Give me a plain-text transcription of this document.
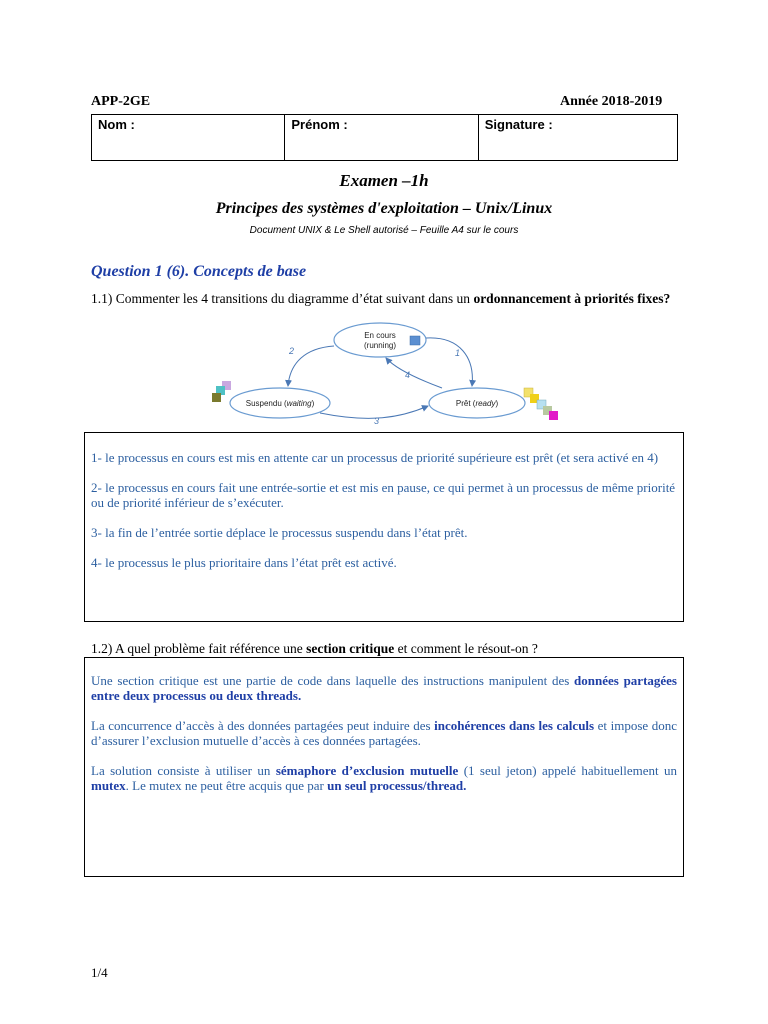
APP-2GE	Année 2018-2019
Nom :	Prénom :	Signature :
Examen –1h
Principes des systèmes d'exploitation – Unix/Linux
Document UNIX & Le Shell autorisé – Feuille A4 sur le cours
Question 1 (6). Concepts de base
1.1) Commenter les 4 transitions du diagramme d’état suivant dans un ordonnancement à priorités fixes?
En cours
(running)
Suspendu (waiting)	Prêt (ready)
1
2
3
4

1- le processus en cours est mis en attente car un processus de priorité supérieure est prêt (et sera activé en 4)

2- le processus en cours fait une entrée-sortie et est mis en pause, ce qui permet à un processus de même priorité ou de priorité inférieur de s’exécuter.

3- la fin de l’entrée sortie déplace le processus suspendu dans l’état prêt.

4- le processus le plus prioritaire dans l’état prêt est activé.

1.2) A quel problème fait référence une section critique et comment le résout-on ?

Une section critique est une partie de code dans laquelle des instructions manipulent des données partagées entre deux processus ou deux threads.

La concurrence d’accès à des données partagées peut induire des incohérences dans les calculs et impose donc d’assurer l’exclusion mutuelle d’accès à ces données partagées.

La solution consiste à utiliser un sémaphore d’exclusion mutuelle (1 seul jeton) appelé habituellement un mutex. Le mutex ne peut être acquis que par un seul processus/thread.

1/4
